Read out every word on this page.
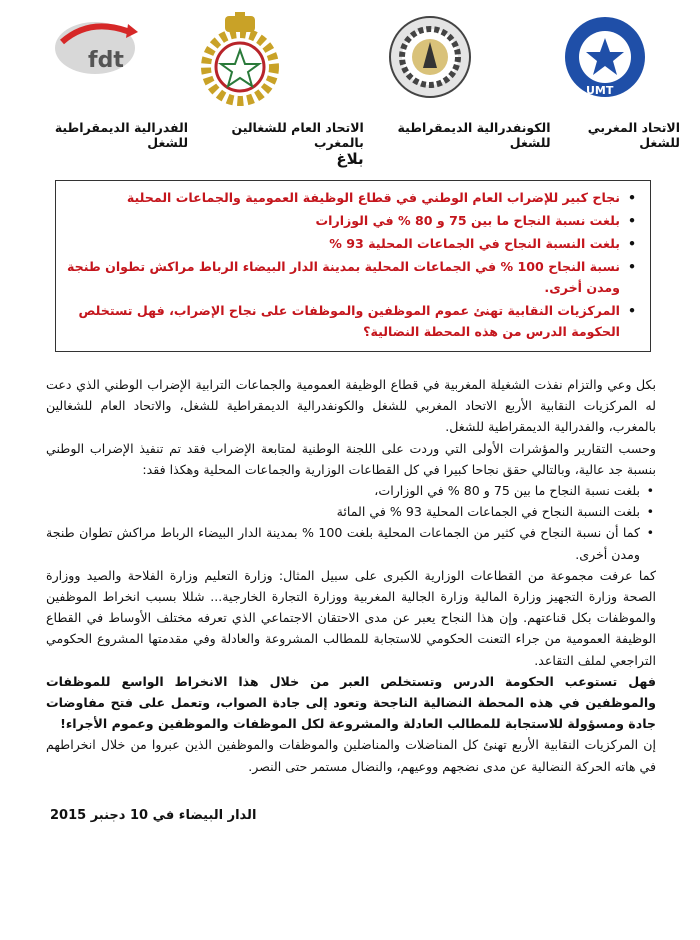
fdt
UMT
الاتحاد المغربي للشغل
الكونفدرالية الديمقراطية للشغل
الاتحاد العام للشغالين بالمغرب
الفدرالية الديمقراطية للشغل
بلاغ
• نجاح كبير للإضراب العام الوطني في قطاع الوظيفة العمومية والجماعات المحلية
• بلغت نسبة النجاح ما بين 75 و 80 % في الوزارات
• بلغت النسبة النجاح في الجماعات المحلية 93 %
• نسبة النجاح 100 % في الجماعات المحلية بمدينة الدار البيضاء الرباط مراكش تطوان طنجة ومدن أخرى.
• المركزيات النقابية تهنئ عموم الموظفين والموظفات على نجاح الإضراب، فهل تستخلص الحكومة الدرس من هذه المحطة النضالية؟

بكل وعي والتزام نفذت الشغيلة المغربية في قطاع الوظيفة العمومية والجماعات الترابية الإضراب الوطني الذي دعت له المركزيات النقابية الأربع الاتحاد المغربي للشغل والكونفدرالية الديمقراطية للشغل، والاتحاد العام للشغالين بالمغرب، والفدرالية الديمقراطية للشغل.

وحسب التقارير والمؤشرات الأولى التي وردت على اللجنة الوطنية لمتابعة الإضراب فقد تم تنفيذ الإضراب الوطني بنسبة جد عالية، وبالتالي حقق نجاحا كبيرا في كل القطاعات الوزارية والجماعات المحلية وهكذا فقد:

• بلغت نسبة النجاح ما بين 75 و 80 % في الوزارات،
• بلغت النسبة النجاح في الجماعات المحلية 93 % في المائة
• كما أن نسبة النجاح في كثير من الجماعات المحلية بلغت 100 % بمدينة الدار البيضاء الرباط مراكش تطوان طنجة ومدن أخرى.

كما عرفت مجموعة من القطاعات الوزارية الكبرى على سبيل المثال: وزارة التعليم وزارة الفلاحة والصيد ووزارة الصحة وزارة التجهيز وزارة المالية وزارة الجالية المغربية ووزارة التجارة الخارجية... شللا بسبب انخراط الموظفين والموظفات بكل قناعتهم. وإن هذا النجاح يعبر عن مدى الاحتقان الاجتماعي الذي تعرفه مختلف الأوساط في القطاع الوظيفة العمومية من جراء التعنت الحكومي للاستجابة للمطالب المشروعة والعادلة وفي مقدمتها المشروع الحكومي التراجعي لملف التقاعد.

فهل تستوعب الحكومة الدرس وتستخلص العبر من خلال هذا الانخراط الواسع للموظفات والموظفين في هذه المحطة النضالية الناجحة وتعود إلى جادة الصواب، وتعمل على فتح مفاوضات جادة ومسؤولة للاستجابة للمطالب العادلة والمشروعة لكل الموظفات والموظفين وعموم الأجراء!

إن المركزيات النقابية الأربع تهنئ كل المناضلات والمناضلين والموظفات والموظفين الذين عبروا من خلال انخراطهم في هاته الحركة النضالية عن مدى نضجهم ووعيهم، والنضال مستمر حتى النصر.

الدار البيضاء في 10 دجنبر 2015
